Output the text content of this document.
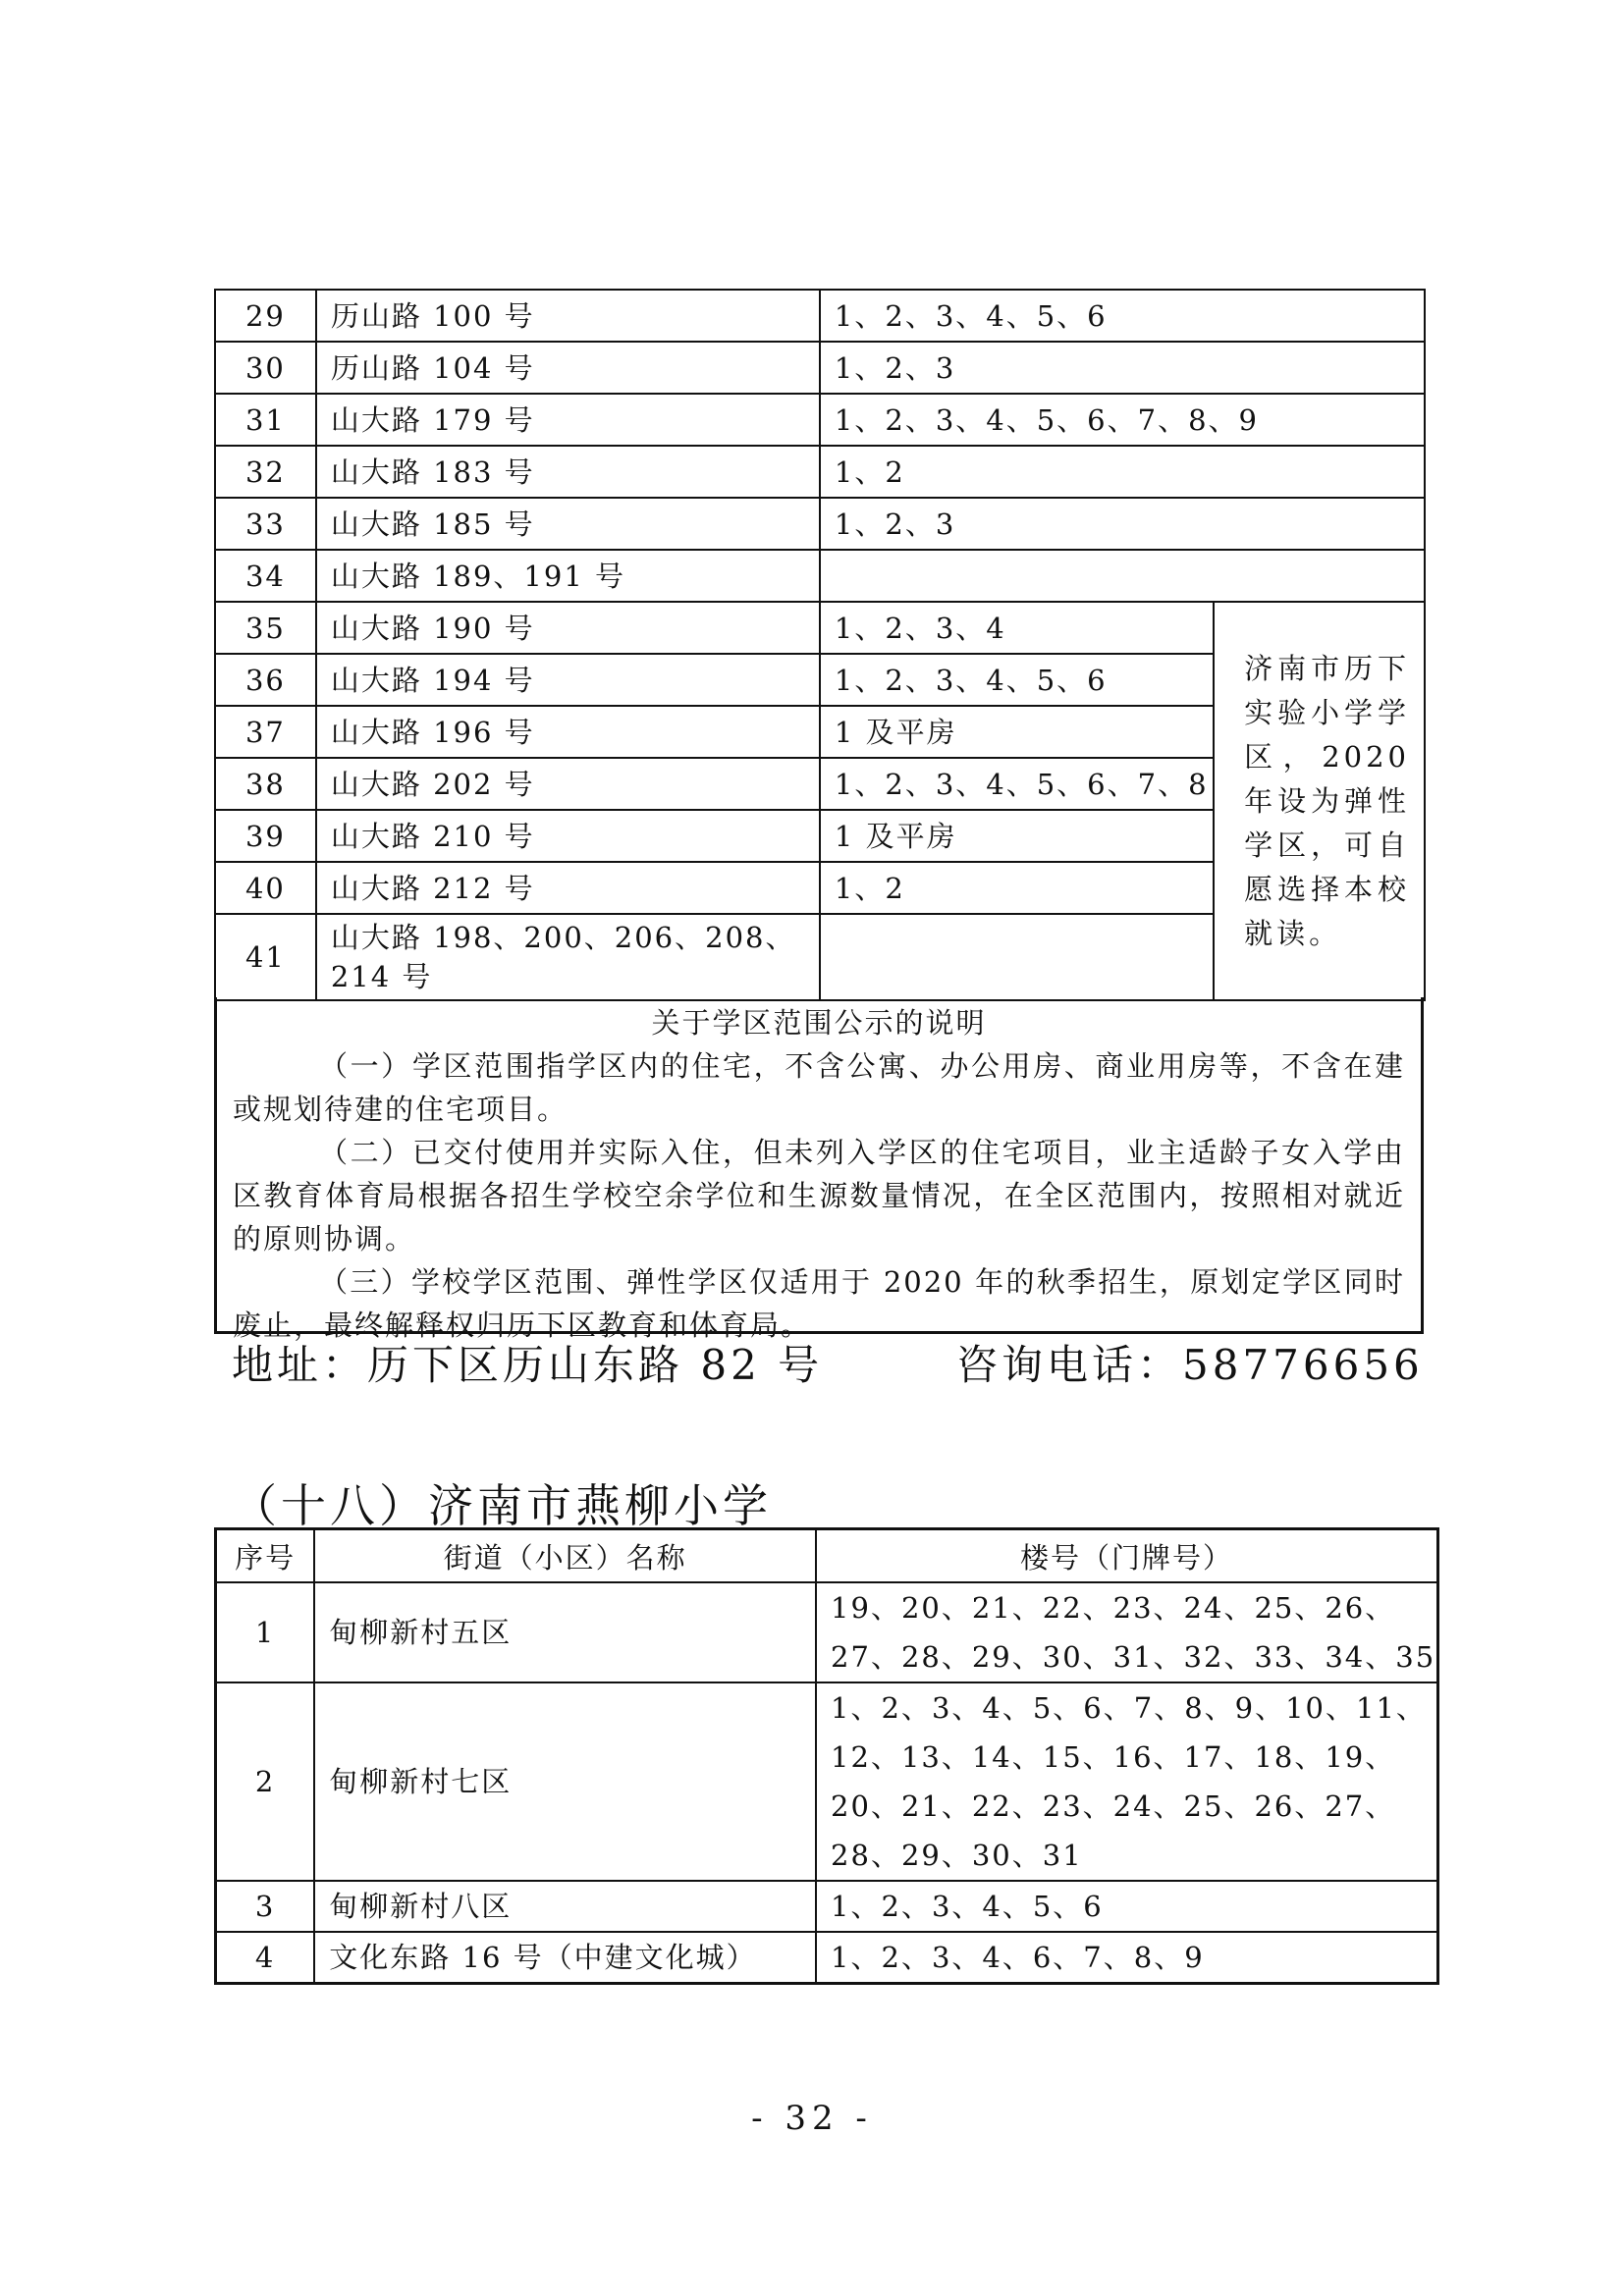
29	历山路 100 号	1、2、3、4、5、6	
30	历山路 104 号	1、2、3	
31	山大路 179 号	1、2、3、4、5、6、7、8、9	
32	山大路 183 号	1、2	
33	山大路 185 号	1、2、3	
34	山大路 189、191 号		
35	山大路 190 号	1、2、3、4	济南市历下实验小学学区，2020 年设为弹性学区，可自愿选择本校就读。
36	山大路 194 号	1、2、3、4、5、6	
37	山大路 196 号	1 及平房	
38	山大路 202 号	1、2、3、4、5、6、7、8	
39	山大路 210 号	1 及平房	
40	山大路 212 号	1、2	
41	山大路 198、200、206、208、214 号		
关于学区范围公示的说明

（一）学区范围指学区内的住宅，不含公寓、办公用房、商业用房等，不含在建或规划待建的住宅项目。

（二）已交付使用并实际入住，但未列入学区的住宅项目，业主适龄子女入学由区教育体育局根据各招生学校空余学位和生源数量情况，在全区范围内，按照相对就近的原则协调。

（三）学校学区范围、弹性学区仅适用于 2020 年的秋季招生，原划定学区同时废止，最终解释权归历下区教育和体育局。

地址：历下区历山东路 82 号	咨询电话：58776656
（十八）济南市燕柳小学
序号	街道（小区）名称	楼号（门牌号）
1	甸柳新村五区	19、20、21、22、23、24、25、26、27、28、29、30、31、32、33、34、35
2	甸柳新村七区	1、2、3、4、5、6、7、8、9、10、11、12、13、14、15、16、17、18、19、20、21、22、23、24、25、26、27、28、29、30、31
3	甸柳新村八区	1、2、3、4、5、6
4	文化东路 16 号（中建文化城）	1、2、3、4、6、7、8、9
- 32 -
